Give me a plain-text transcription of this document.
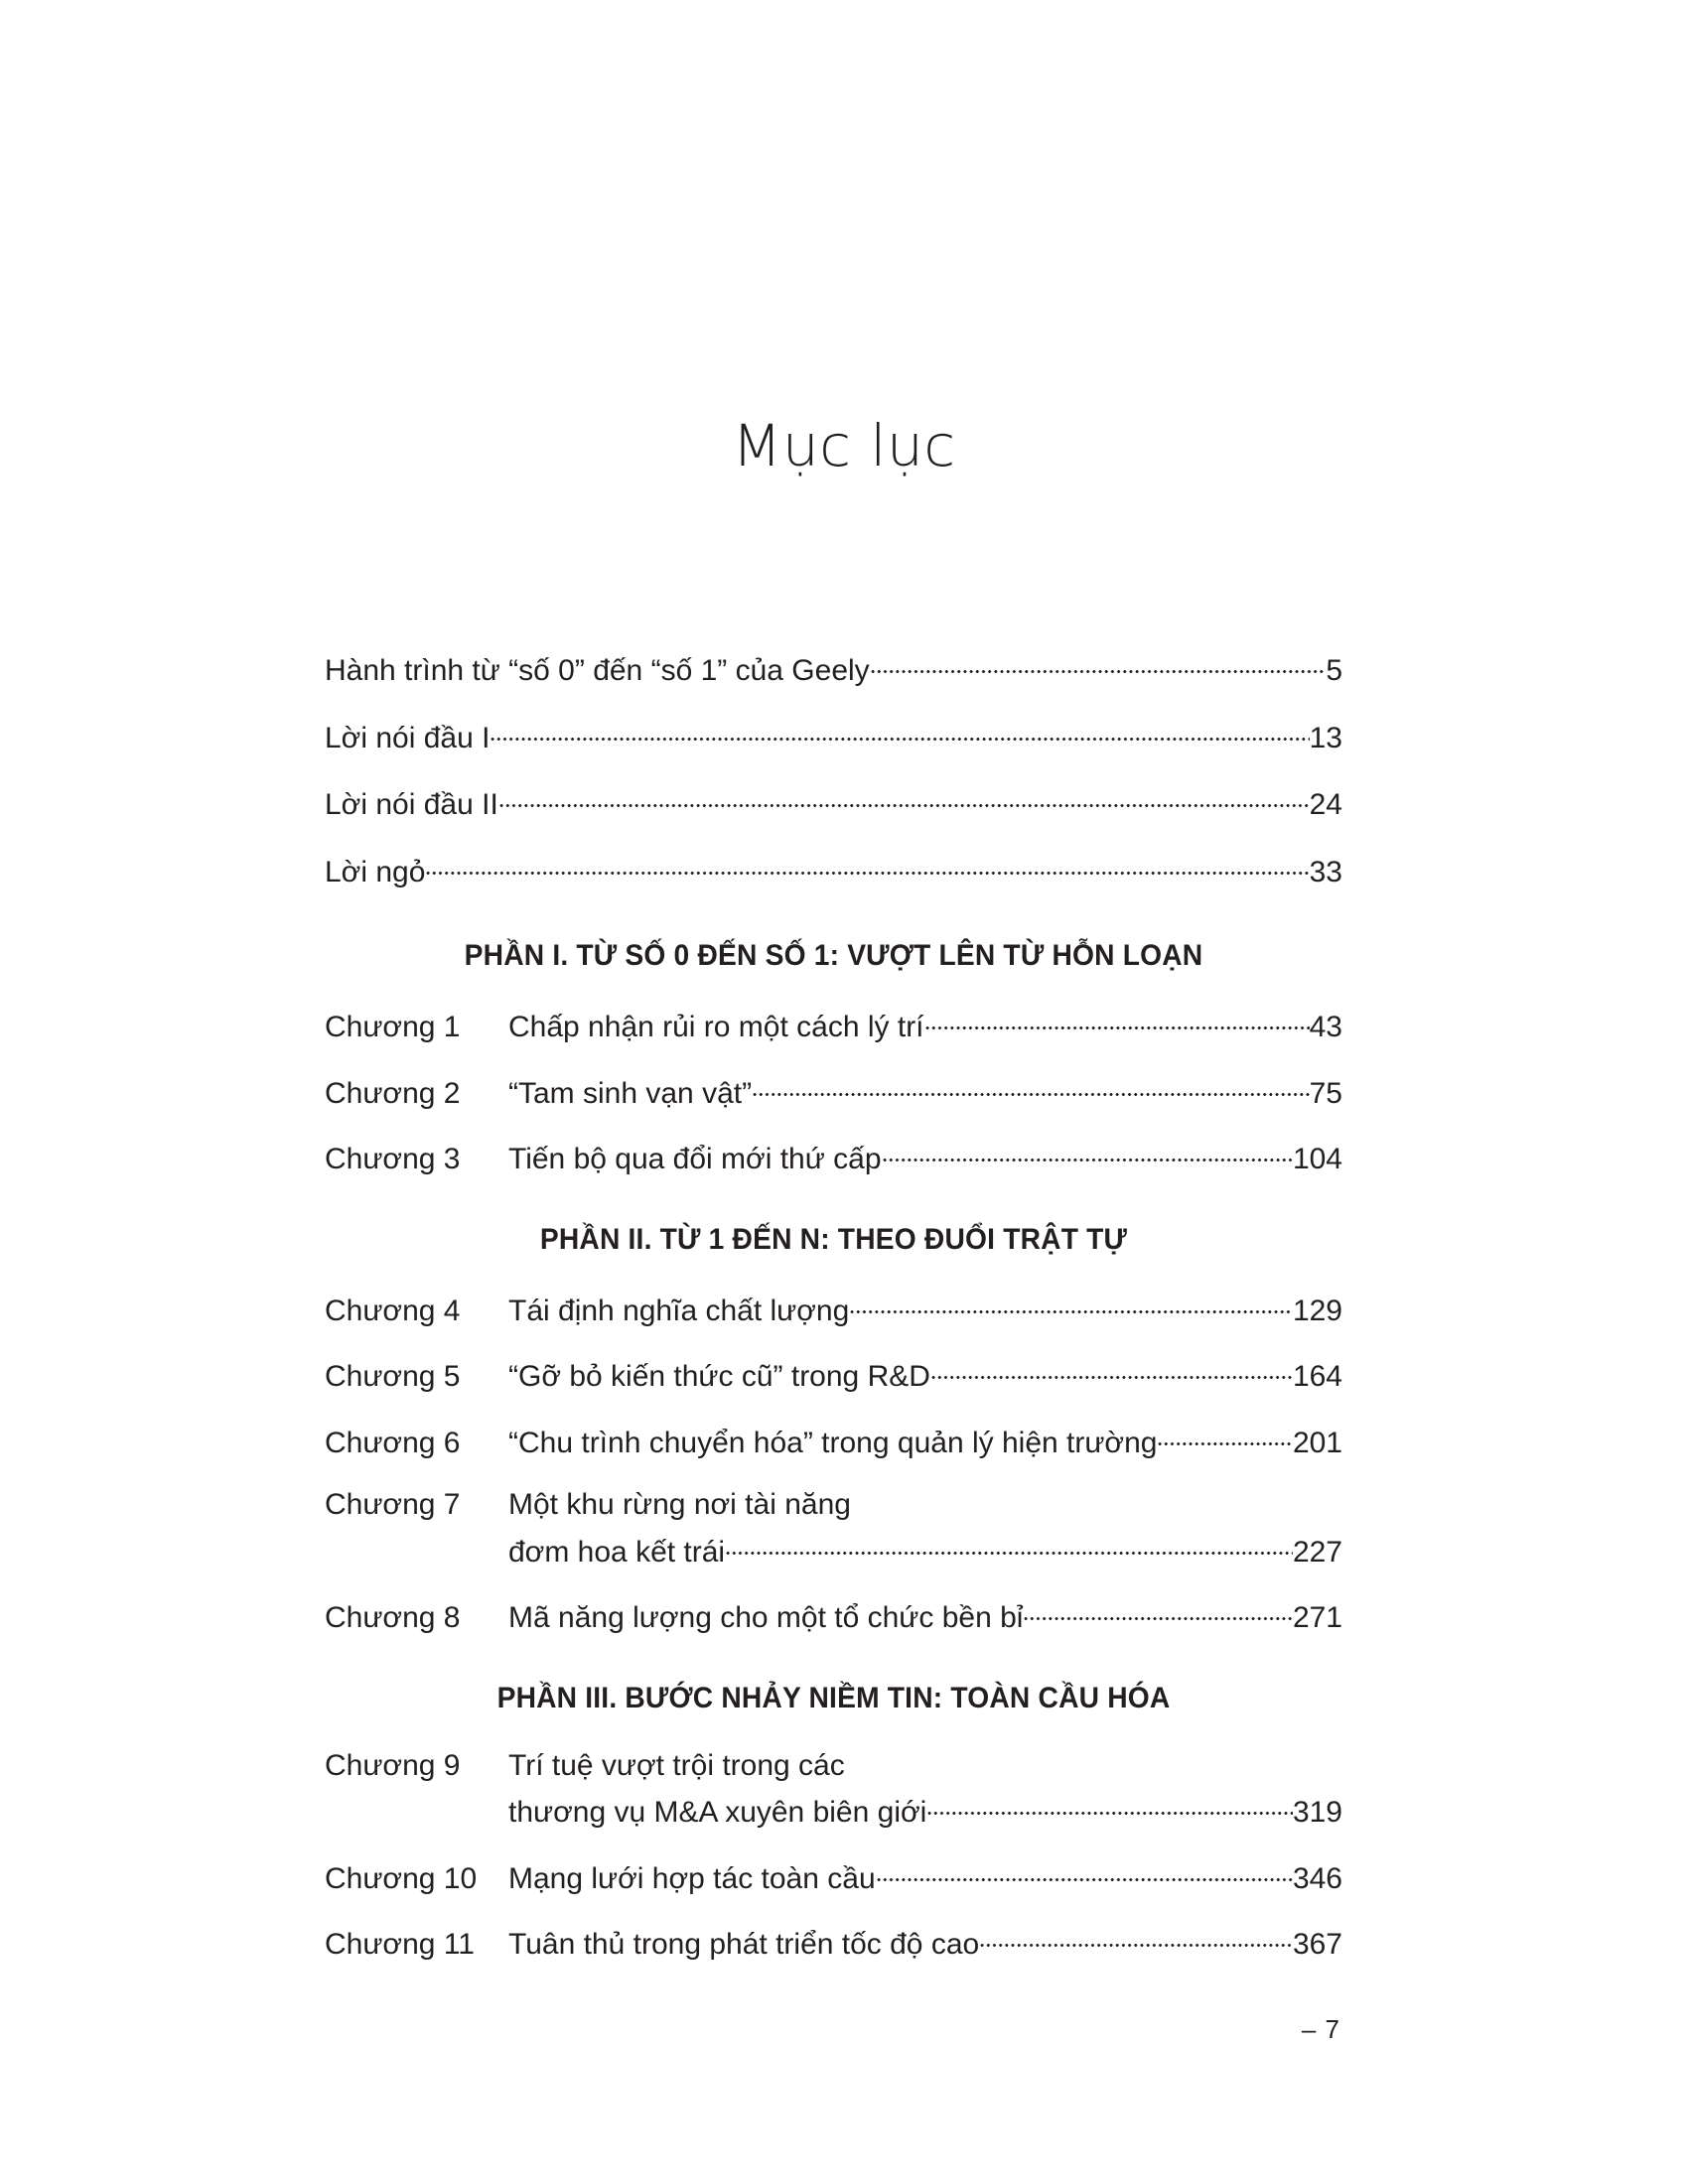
Mục lục
Hành trình từ “số 0” đến “số 1” của Geely	5
Lời nói đầu I	13
Lời nói đầu II	24
Lời ngỏ	33
PHẦN I. TỪ SỐ 0 ĐẾN SỐ 1: VƯỢT LÊN TỪ HỖN LOẠN
Chương 1	Chấp nhận rủi ro một cách lý trí	43
Chương 2	“Tam sinh vạn vật”	75
Chương 3	Tiến bộ qua đổi mới thứ cấp	104
PHẦN II. TỪ 1 ĐẾN N: THEO ĐUỔI TRẬT TỰ
Chương 4	Tái định nghĩa chất lượng	129
Chương 5	“Gỡ bỏ kiến thức cũ” trong R&D	164
Chương 6	“Chu trình chuyển hóa” trong quản lý hiện trường	201
Chương 7	Một khu rừng nơi tài năng
đơm hoa kết trái	227
Chương 8	Mã năng lượng cho một tổ chức bền bỉ	271
PHẦN III. BƯỚC NHẢY NIỀM TIN: TOÀN CẦU HÓA
Chương 9	Trí tuệ vượt trội trong các
thương vụ M&A xuyên biên giới	319
Chương 10	Mạng lưới hợp tác toàn cầu	346
Chương 11	Tuân thủ trong phát triển tốc độ cao	367
– 7
